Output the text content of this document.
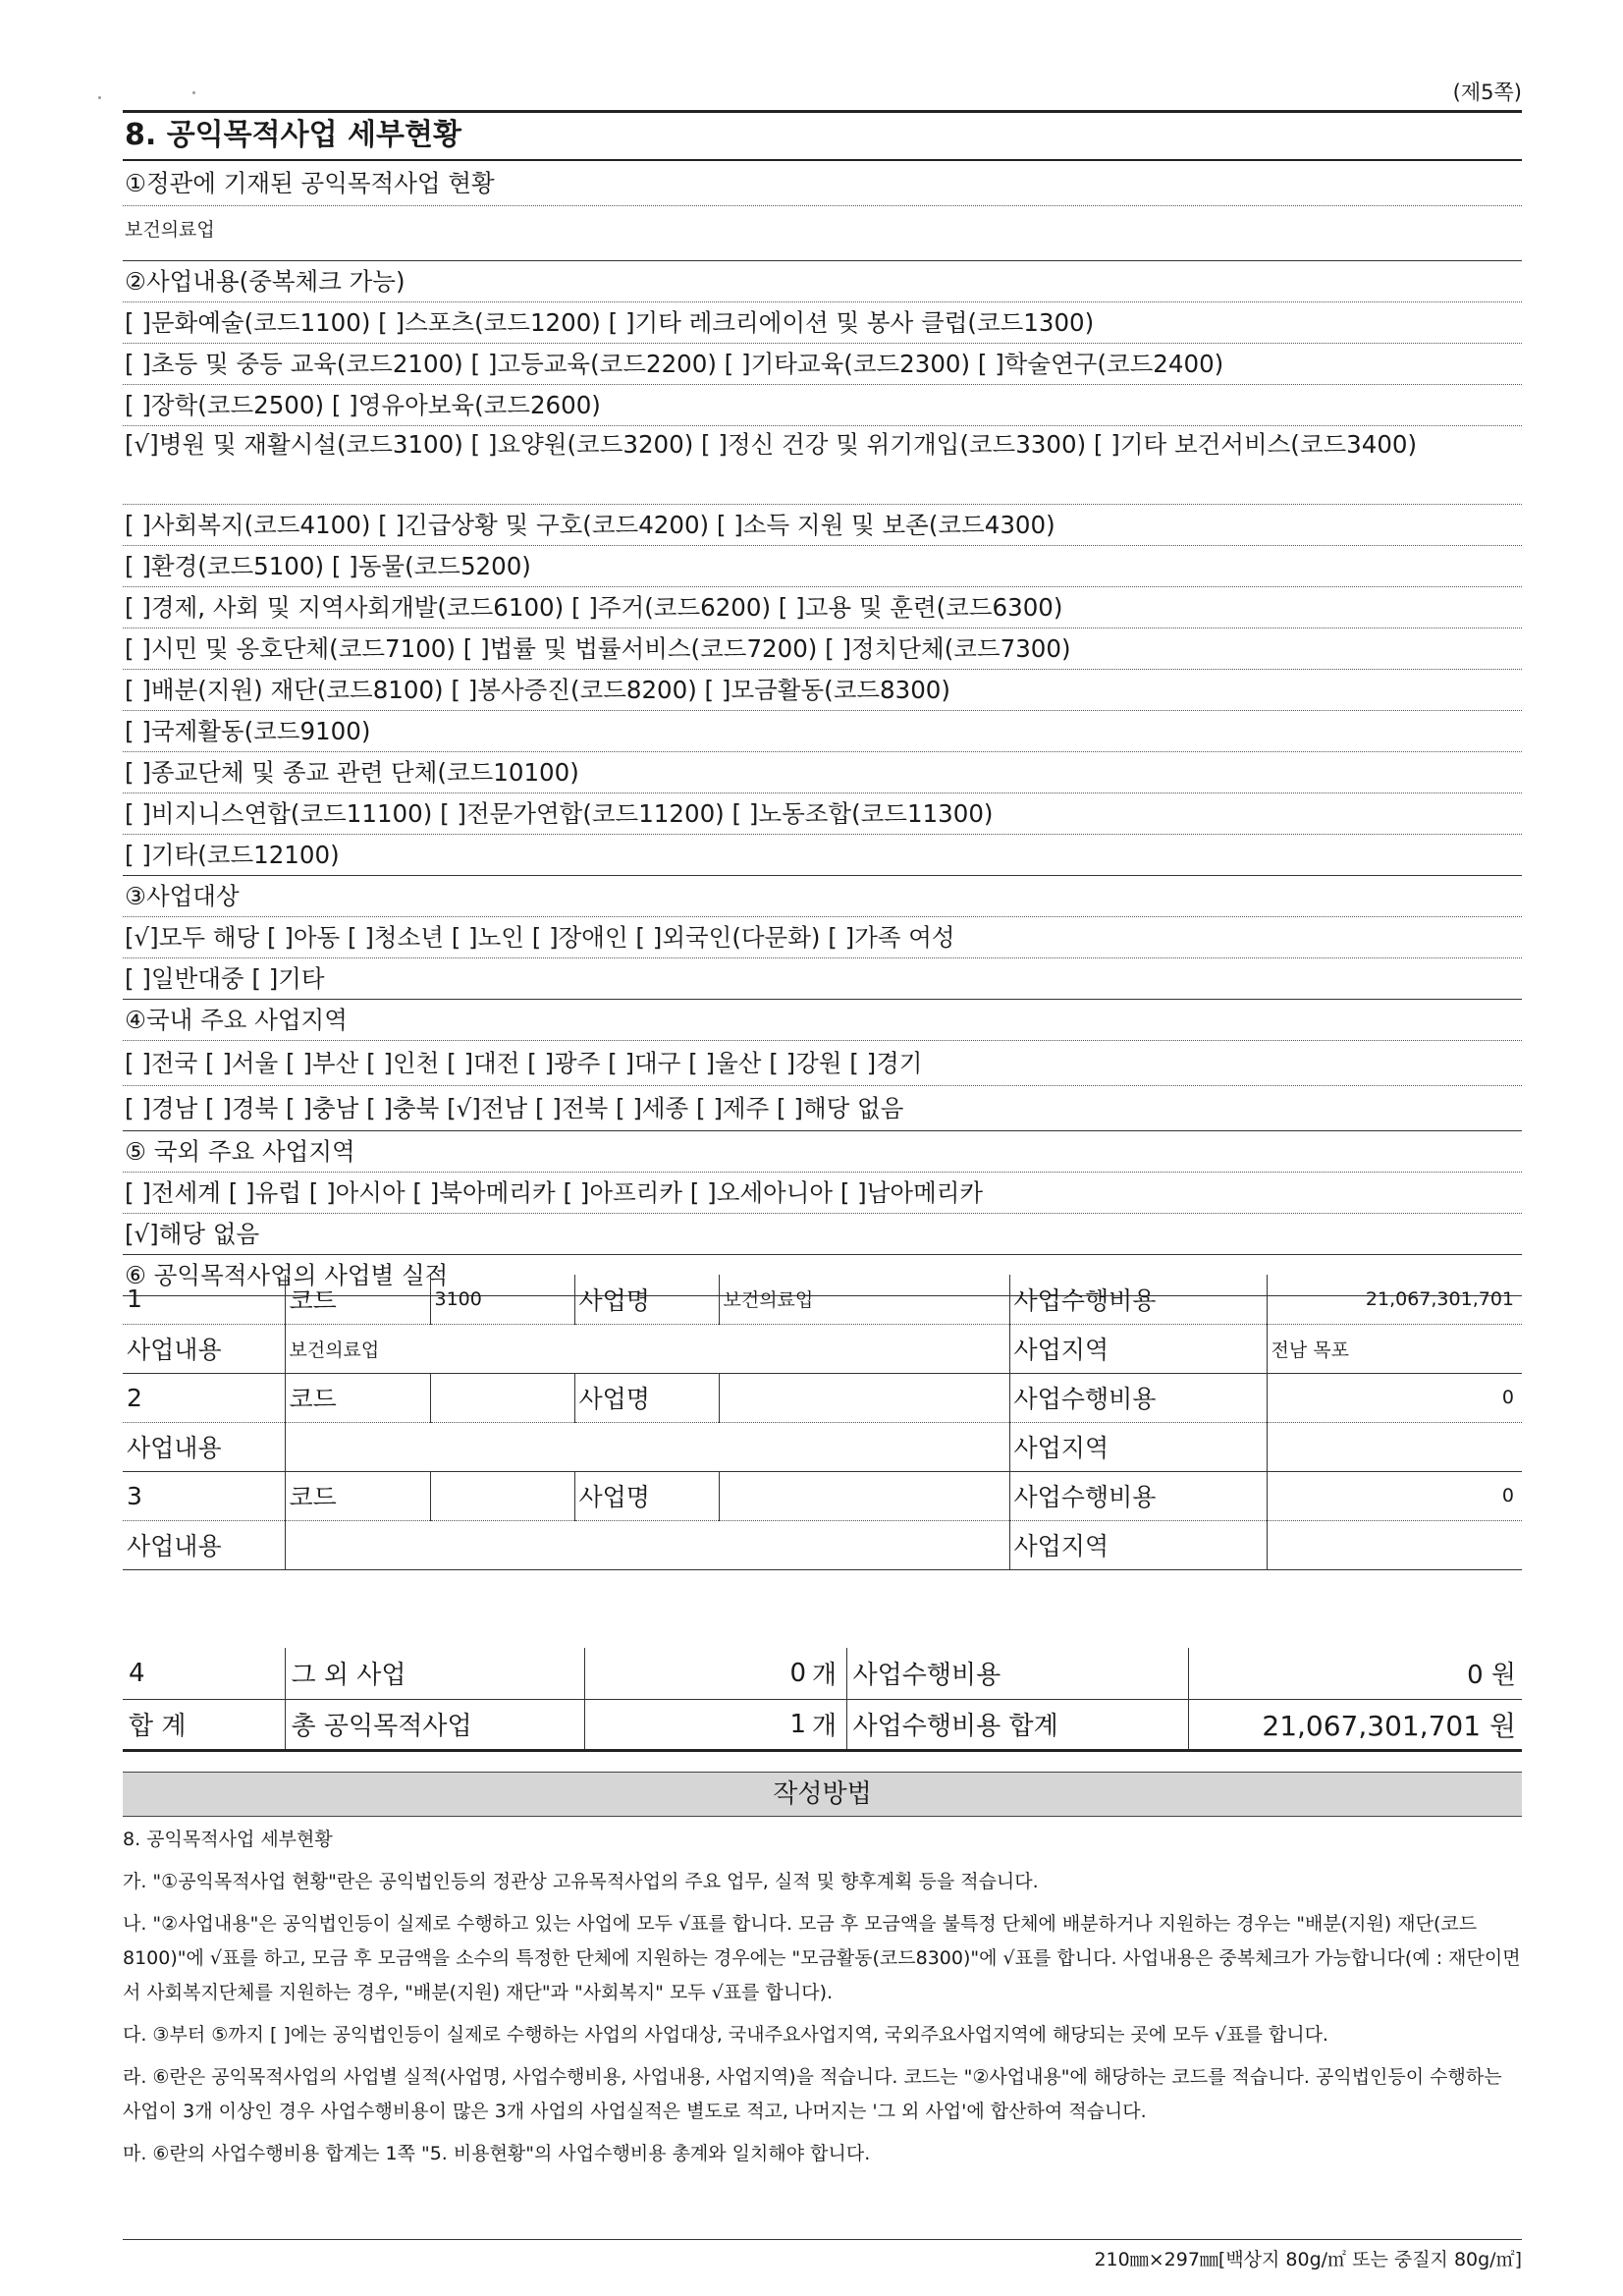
(제5쪽)
8. 공익목적사업 세부현황
①정관에 기재된 공익목적사업 현황
보건의료업
②사업내용(중복체크 가능)
[ ]문화예술(코드1100) [ ]스포츠(코드1200) [ ]기타 레크리에이션 및 봉사 클럽(코드1300)
[ ]초등 및 중등 교육(코드2100) [ ]고등교육(코드2200) [ ]기타교육(코드2300) [ ]학술연구(코드2400)
[ ]장학(코드2500) [ ]영유아보육(코드2600)
[√]병원 및 재활시설(코드3100) [ ]요양원(코드3200) [ ]정신 건강 및 위기개입(코드3300) [ ]기타 보건서비스(코드3400)
[ ]사회복지(코드4100) [ ]긴급상황 및 구호(코드4200) [ ]소득 지원 및 보존(코드4300)
[ ]환경(코드5100) [ ]동물(코드5200)
[ ]경제, 사회 및 지역사회개발(코드6100) [ ]주거(코드6200) [ ]고용 및 훈련(코드6300)
[ ]시민 및 옹호단체(코드7100) [ ]법률 및 법률서비스(코드7200) [ ]정치단체(코드7300)
[ ]배분(지원) 재단(코드8100) [ ]봉사증진(코드8200) [ ]모금활동(코드8300)
[ ]국제활동(코드9100)
[ ]종교단체 및 종교 관련 단체(코드10100)
[ ]비지니스연합(코드11100) [ ]전문가연합(코드11200) [ ]노동조합(코드11300)
[ ]기타(코드12100)
③사업대상
[√]모두 해당 [ ]아동 [ ]청소년 [ ]노인 [ ]장애인 [ ]외국인(다문화) [ ]가족 여성
[ ]일반대중 [ ]기타
④국내 주요 사업지역
[ ]전국 [ ]서울 [ ]부산 [ ]인천 [ ]대전 [ ]광주 [ ]대구 [ ]울산 [ ]강원 [ ]경기
[ ]경남 [ ]경북 [ ]충남 [ ]충북 [√]전남 [ ]전북 [ ]세종 [ ]제주 [ ]해당 없음
⑤ 국외 주요 사업지역
[ ]전세계 [ ]유럽 [ ]아시아 [ ]북아메리카 [ ]아프리카 [ ]오세아니아 [ ]남아메리카
[√]해당 없음
⑥ 공익목적사업의 사업별 실적
1	코드	3100	사업명	보건의료업	사업수행비용	21,067,301,701
사업내용	보건의료업				사업지역	전남 목포
2	코드		사업명		사업수행비용	0
사업내용					사업지역	
3	코드		사업명		사업수행비용	0
사업내용					사업지역	
4	그 외 사업	0	개	사업수행비용	0 원
합 계	총 공익목적사업	1	개	사업수행비용 합계	21,067,301,701 원
작성방법

8. 공익목적사업 세부현황

가. "①공익목적사업 현황"란은 공익법인등의 정관상 고유목적사업의 주요 업무, 실적 및 향후계획 등을 적습니다.

나. "②사업내용"은 공익법인등이 실제로 수행하고 있는 사업에 모두 √표를 합니다. 모금 후 모금액을 불특정 단체에 배분하거나 지원하는 경우는 "배분(지원) 재단(코드8100)"에 √표를 하고, 모금 후 모금액을 소수의 특정한 단체에 지원하는 경우에는 "모금활동(코드8300)"에 √표를 합니다. 사업내용은 중복체크가 가능합니다(예 : 재단이면서 사회복지단체를 지원하는 경우, "배분(지원) 재단"과 "사회복지" 모두 √표를 합니다).

다. ③부터 ⑤까지 [ ]에는 공익법인등이 실제로 수행하는 사업의 사업대상, 국내주요사업지역, 국외주요사업지역에 해당되는 곳에 모두 √표를 합니다.

라. ⑥란은 공익목적사업의 사업별 실적(사업명, 사업수행비용, 사업내용, 사업지역)을 적습니다. 코드는 "②사업내용"에 해당하는 코드를 적습니다. 공익법인등이 수행하는 사업이 3개 이상인 경우 사업수행비용이 많은 3개 사업의 사업실적은 별도로 적고, 나머지는 '그 외 사업'에 합산하여 적습니다.

마. ⑥란의 사업수행비용 합계는 1쪽 "5. 비용현황"의 사업수행비용 총계와 일치해야 합니다.

210㎜×297㎜[백상지 80g/㎡ 또는 중질지 80g/㎡]
